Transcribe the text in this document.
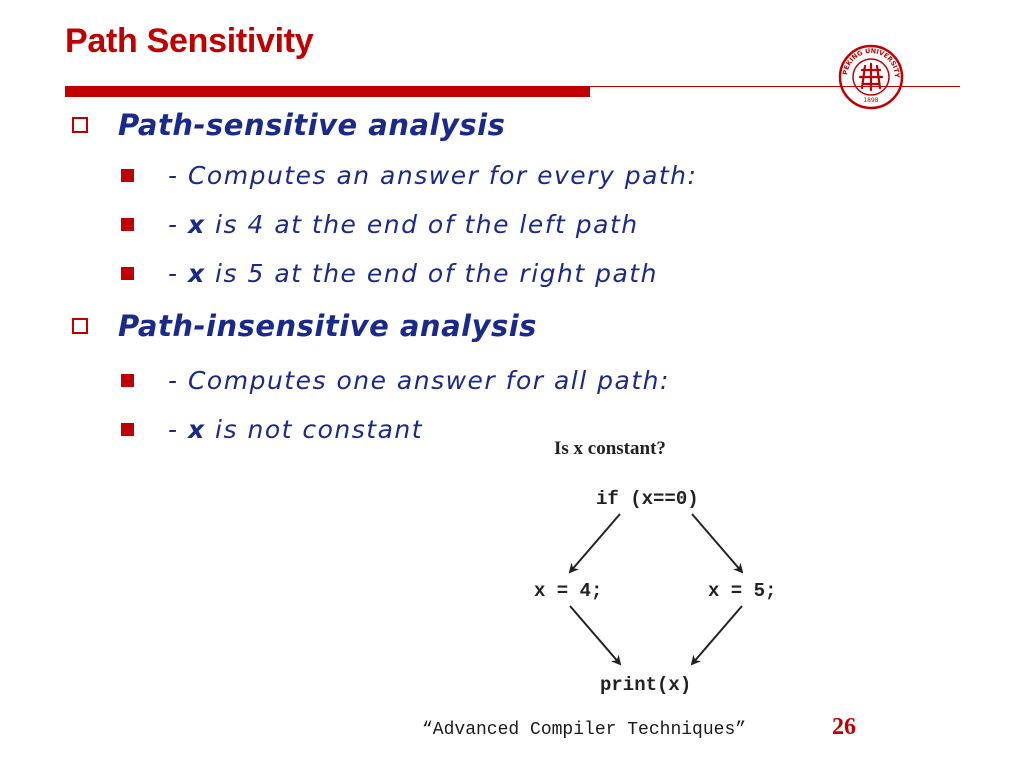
Path Sensitivity
PEKING UNIVERSITY
1898
Path-sensitive analysis
- Computes an answer for every path:
- x is 4 at the end of the left path
- x is 5 at the end of the right path
Path-insensitive analysis
- Computes one answer for all path:
- x is not constant
Is x constant?
if (x==0)
x = 4;	x = 5;
print(x)
“Advanced Compiler Techniques”	26
